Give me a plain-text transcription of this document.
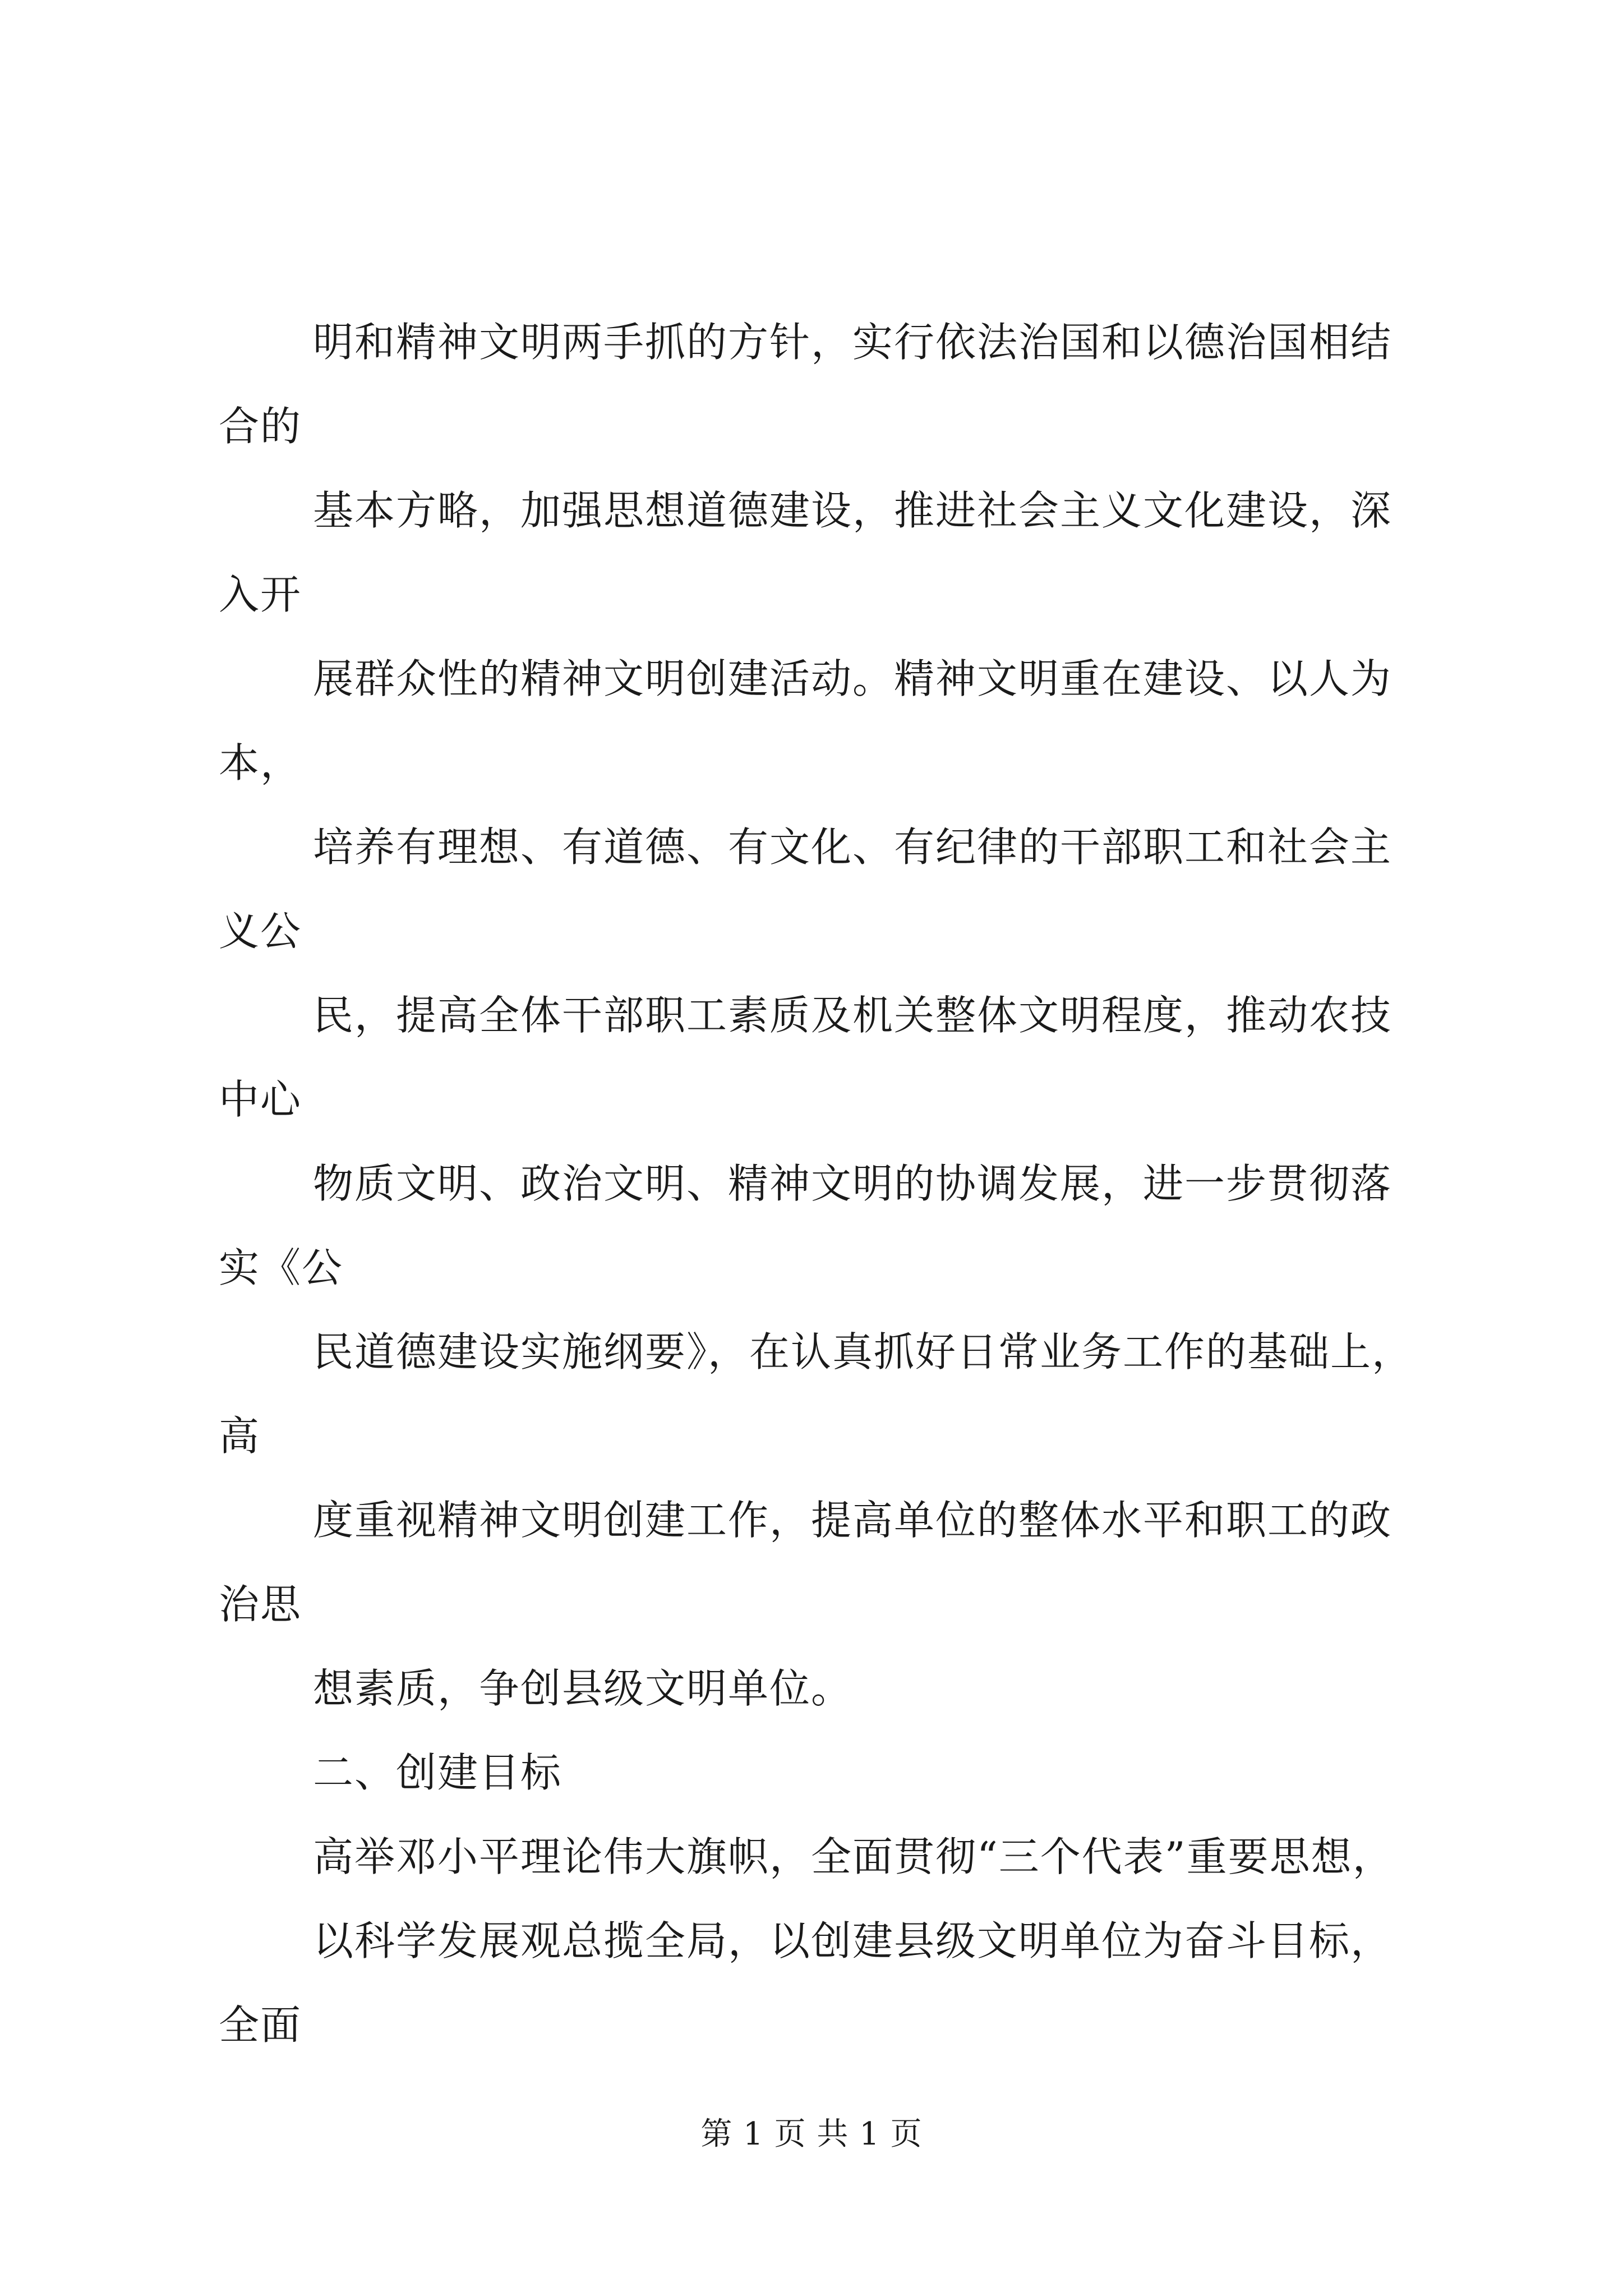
明和精神文明两手抓的方针，实行依法治国和以德治国相结
合的

基本方略，加强思想道德建设，推进社会主义文化建设，深
入开

展群众性的精神文明创建活动。精神文明重在建设、以人为
本，

培养有理想、有道德、有文化、有纪律的干部职工和社会主
义公

民，提高全体干部职工素质及机关整体文明程度，推动农技
中心

物质文明、政治文明、精神文明的协调发展，进一步贯彻落
实《公

民道德建设实施纲要》，在认真抓好日常业务工作的基础上，
高

度重视精神文明创建工作，提高单位的整体水平和职工的政
治思

想素质，争创县级文明单位。

二、创建目标

高举邓小平理论伟大旗帜，全面贯彻“三个代表”重要思想，

以科学发展观总揽全局，以创建县级文明单位为奋斗目标，
全面

第 1 页 共 1 页
